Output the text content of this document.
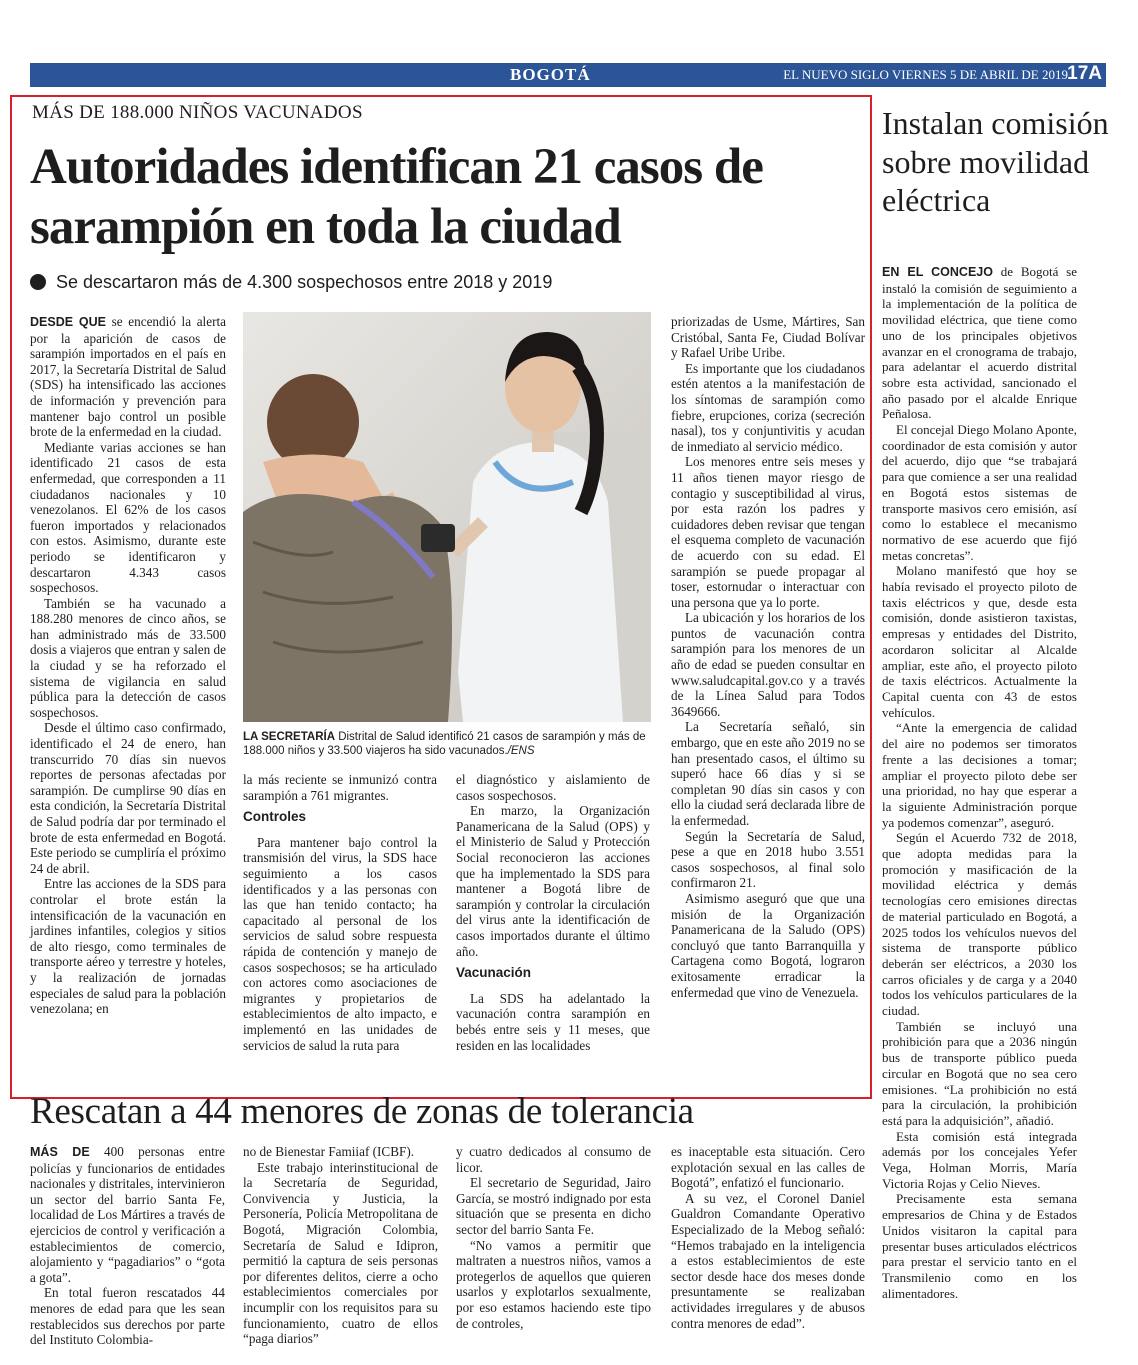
BOGOTÁ	EL NUEVO SIGLO VIERNES 5 DE ABRIL DE 2019 17A
MÁS DE 188.000 NIÑOS VACUNADOS
Autoridades identifican 21 casos de sarampión en toda la ciudad
Se descartaron más de 4.300 sospechosos entre 2018 y 2019

DESDE QUE se encendió la alerta por la aparición de casos de sarampión importados en el país en 2017, la Secretaría Distrital de Salud (SDS) ha intensificado las acciones de información y prevención para mantener bajo control un posible brote de la enfermedad en la ciudad.

Mediante varias acciones se han identificado 21 casos de esta enfermedad, que corresponden a 11 ciudadanos nacionales y 10 venezolanos. El 62% de los casos fueron importados y relacionados con estos. Asimismo, durante este periodo se identificaron y descartaron 4.343 casos sospechosos.

También se ha vacunado a 188.280 menores de cinco años, se han administrado más de 33.500 dosis a viajeros que entran y salen de la ciudad y se ha reforzado el sistema de vigilancia en salud pública para la detección de casos sospechosos.

Desde el último caso confirmado, identificado el 24 de enero, han transcurrido 70 días sin nuevos reportes de personas afectadas por sarampión. De cumplirse 90 días en esta condición, la Secretaría Distrital de Salud podría dar por terminado el brote de esta enfermedad en Bogotá. Este periodo se cumpliría el próximo 24 de abril.

Entre las acciones de la SDS para controlar el brote están la intensificación de la vacunación en jardines infantiles, colegios y sitios de alto riesgo, como terminales de transporte aéreo y terrestre y hoteles, y la realización de jornadas especiales de salud para la población venezolana; en

LA SECRETARÍA Distrital de Salud identificó 21 casos de sarampión y más de 188.000 niños y 33.500 viajeros ha sido vacunados./ENS

la más reciente se inmunizó contra sarampión a 761 migrantes.

Controles

Para mantener bajo control la transmisión del virus, la SDS hace seguimiento a los casos identificados y a las personas con las que han tenido contacto; ha capacitado al personal de los servicios de salud sobre respuesta rápida de contención y manejo de casos sospechosos; se ha articulado con actores como asociaciones de migrantes y propietarios de establecimientos de alto impacto, e implementó en las unidades de servicios de salud la ruta para

el diagnóstico y aislamiento de casos sospechosos.

En marzo, la Organización Panamericana de la Salud (OPS) y el Ministerio de Salud y Protección Social reconocieron las acciones que ha implementado la SDS para mantener a Bogotá libre de sarampión y controlar la circulación del virus ante la identificación de casos importados durante el último año.

Vacunación

La SDS ha adelantado la vacunación contra sarampión en bebés entre seis y 11 meses, que residen en las localidades

priorizadas de Usme, Mártires, San Cristóbal, Santa Fe, Ciudad Bolívar y Rafael Uribe Uribe.

Es importante que los ciudadanos estén atentos a la manifestación de los síntomas de sarampión como fiebre, erupciones, coriza (secreción nasal), tos y conjuntivitis y acudan de inmediato al servicio médico.

Los menores entre seis meses y 11 años tienen mayor riesgo de contagio y susceptibilidad al virus, por esta razón los padres y cuidadores deben revisar que tengan el esquema completo de vacunación de acuerdo con su edad. El sarampión se puede propagar al toser, estornudar o interactuar con una persona que ya lo porte.

La ubicación y los horarios de los puntos de vacunación contra sarampión para los menores de un año de edad se pueden consultar en www.saludcapital.gov.co y a través de la Línea Salud para Todos 3649666.

La Secretaría señaló, sin embargo, que en este año 2019 no se han presentado casos, el último su superó hace 66 días y si se completan 90 días sin casos y con ello la ciudad será declarada libre de la enfermedad.

Según la Secretaría de Salud, pese a que en 2018 hubo 3.551 casos sospechosos, al final solo confirmaron 21.

Asimismo aseguró que que una misión de la Organización Panamericana de la Saludo (OPS) concluyó que tanto Barranquilla y Cartagena como Bogotá, lograron exitosamente erradicar la enfermedad que vino de Venezuela.

Instalan comisión sobre movilidad eléctrica

EN EL CONCEJO de Bogotá se instaló la comisión de seguimiento a la implementación de la política de movilidad eléctrica, que tiene como uno de los principales objetivos avanzar en el cronograma de trabajo, para adelantar el acuerdo distrital sobre esta actividad, sancionado el año pasado por el alcalde Enrique Peñalosa.

El concejal Diego Molano Aponte, coordinador de esta comisión y autor del acuerdo, dijo que “se trabajará para que comience a ser una realidad en Bogotá estos sistemas de transporte masivos cero emisión, así como lo establece el mecanismo normativo de ese acuerdo que fijó metas concretas”.

Molano manifestó que hoy se había revisado el proyecto piloto de taxis eléctricos y que, desde esta comisión, donde asistieron taxistas, empresas y entidades del Distrito, acordaron solicitar al Alcalde ampliar, este año, el proyecto piloto de taxis eléctricos. Actualmente la Capital cuenta con 43 de estos vehículos.

“Ante la emergencia de calidad del aire no podemos ser timoratos frente a las decisiones a tomar; ampliar el proyecto piloto debe ser una prioridad, no hay que esperar a la siguiente Administración porque ya podemos comenzar”, aseguró.

Según el Acuerdo 732 de 2018, que adopta medidas para la promoción y masificación de la movilidad eléctrica y demás tecnologías cero emisiones directas de material particulado en Bogotá, a 2025 todos los vehículos nuevos del sistema de transporte público deberán ser eléctricos, a 2030 los carros oficiales y de carga y a 2040 todos los vehículos particulares de la ciudad.

También se incluyó una prohibición para que a 2036 ningún bus de transporte público pueda circular en Bogotá que no sea cero emisiones. “La prohibición no está para la circulación, la prohibición está para la adquisición”, añadió.

Esta comisión está integrada además por los concejales Yefer Vega, Holman Morris, María Victoria Rojas y Celio Nieves.

Precisamente esta semana empresarios de China y de Estados Unidos visitaron la capital para presentar buses articulados eléctricos para prestar el servicio tanto en el Transmilenio como en los alimentadores.

Rescatan a 44 menores de zonas de tolerancia

MÁS DE 400 personas entre policías y funcionarios de entidades nacionales y distritales, intervinieron un sector del barrio Santa Fe, localidad de Los Mártires a través de ejercicios de control y verificación a establecimientos de comercio, alojamiento y “pagadiarios” o “gota a gota”.

En total fueron rescatados 44 menores de edad para que les sean restablecidos sus derechos por parte del Instituto Colombia-

no de Bienestar Famiiaf (ICBF).

Este trabajo interinstitucional de la Secretaría de Seguridad, Convivencia y Justicia, la Personería, Policía Metropolitana de Bogotá, Migración Colombia, Secretaría de Salud e Idipron, permitió la captura de seis personas por diferentes delitos, cierre a ocho establecimientos comerciales por incumplir con los requisitos para su funcionamiento, cuatro de ellos “paga diarios”

y cuatro dedicados al consumo de licor.

El secretario de Seguridad, Jairo García, se mostró indignado por esta situación que se presenta en dicho sector del barrio Santa Fe.

“No vamos a permitir que maltraten a nuestros niños, vamos a protegerlos de aquellos que quieren usarlos y explotarlos sexualmente, por eso estamos haciendo este tipo de controles,

es inaceptable esta situación. Cero explotación sexual en las calles de Bogotá”, enfatizó el funcionario.

A su vez, el Coronel Daniel Gualdron Comandante Operativo Especializado de la Mebog señaló: “Hemos trabajado en la inteligencia a estos establecimientos de este sector desde hace dos meses donde presuntamente se realizaban actividades irregulares y de abusos contra menores de edad”.
